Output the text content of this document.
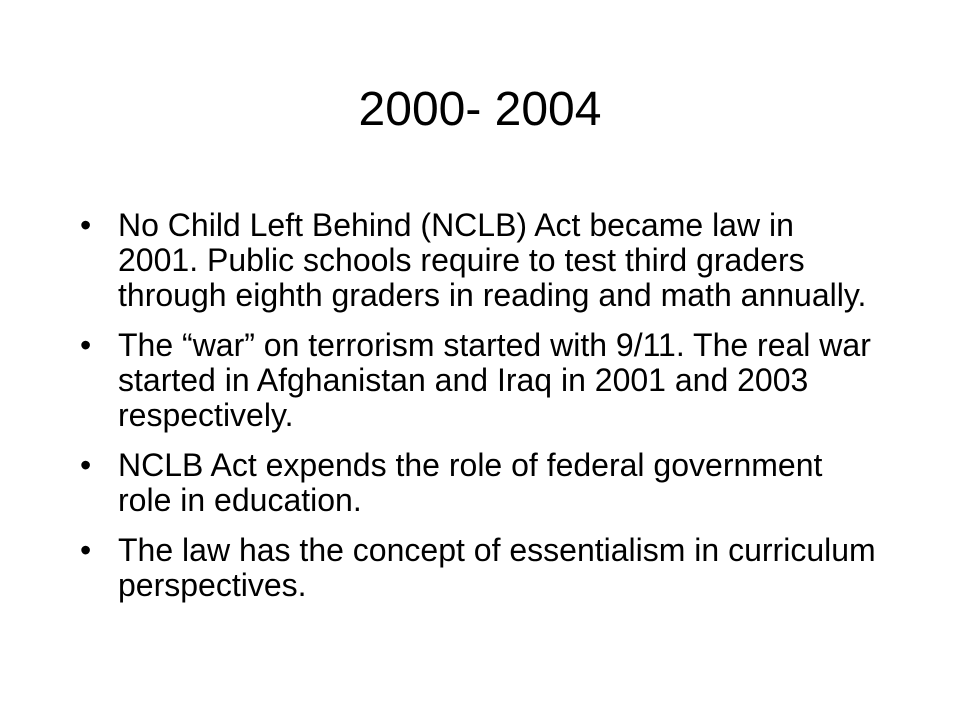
2000- 2004
• No Child Left Behind (NCLB) Act became law in 2001. Public schools require to test third graders through eighth graders in reading and math annually.
• The “war” on terrorism started with 9/11. The real war started in Afghanistan and Iraq in 2001 and 2003 respectively.
• NCLB Act expends the role of federal government role in education.
• The law has the concept of essentialism in curriculum perspectives.
